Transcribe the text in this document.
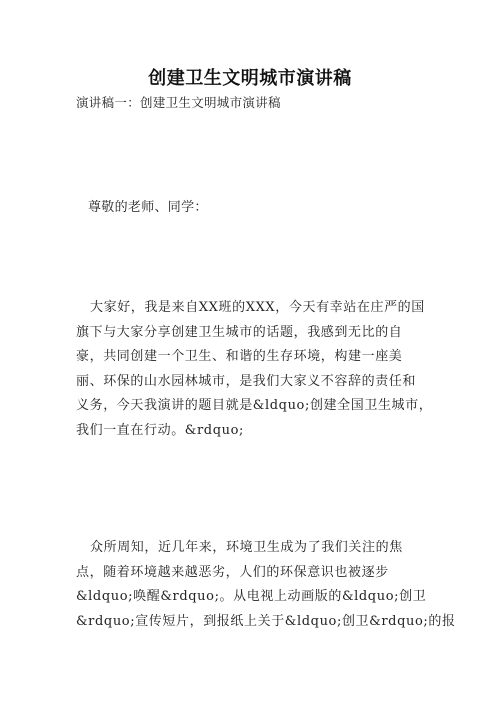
创建卫生文明城市演讲稿
演讲稿一：创建卫生文明城市演讲稿
尊敬的老师、同学：
大家好，我是来自XX班的XXX，今天有幸站在庄严的国
旗下与大家分享创建卫生城市的话题，我感到无比的自
豪，共同创建一个卫生、和谐的生存环境，构建一座美
丽、环保的山水园林城市，是我们大家义不容辞的责任和
义务，今天我演讲的题目就是&ldquo;创建全国卫生城市，
我们一直在行动。&rdquo;
众所周知，近几年来，环境卫生成为了我们关注的焦
点，随着环境越来越恶劣，人们的环保意识也被逐步
&ldquo;唤醒&rdquo;。从电视上动画版的&ldquo;创卫
&rdquo;宣传短片，到报纸上关于&ldquo;创卫&rdquo;的报
